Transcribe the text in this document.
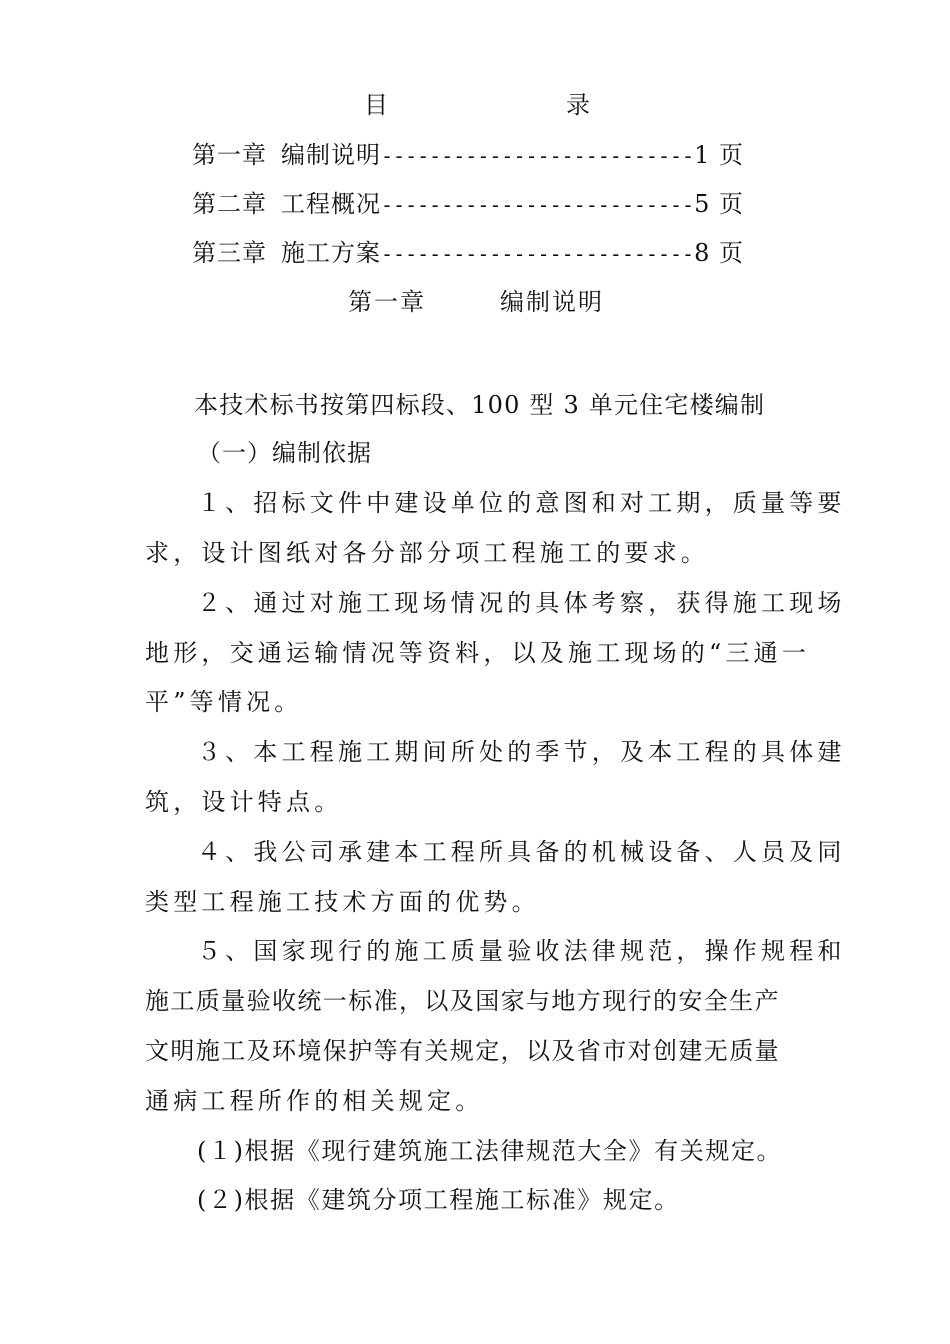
目	录
第一章 编制说明--------------------------1 页
第二章 工程概况--------------------------5 页
第三章 施工方案--------------------------8 页
第一章	编制说明
本技术标书按第四标段、100 型 3 单元住宅楼编制
（一）编制依据
１、招标文件中建设单位的意图和对工期，质量等要
求，设计图纸对各分部分项工程施工的要求。
２、通过对施工现场情况的具体考察，获得施工现场
地形，交通运输情况等资料，以及施工现场的“三通一
平”等情况。
３、本工程施工期间所处的季节，及本工程的具体建
筑，设计特点。
４、我公司承建本工程所具备的机械设备、人员及同
类型工程施工技术方面的优势。
５、国家现行的施工质量验收法律规范，操作规程和
施工质量验收统一标准，以及国家与地方现行的安全生产
文明施工及环境保护等有关规定，以及省市对创建无质量
通病工程所作的相关规定。
(１)根据《现行建筑施工法律规范大全》有关规定。
(２)根据《建筑分项工程施工标准》规定。
